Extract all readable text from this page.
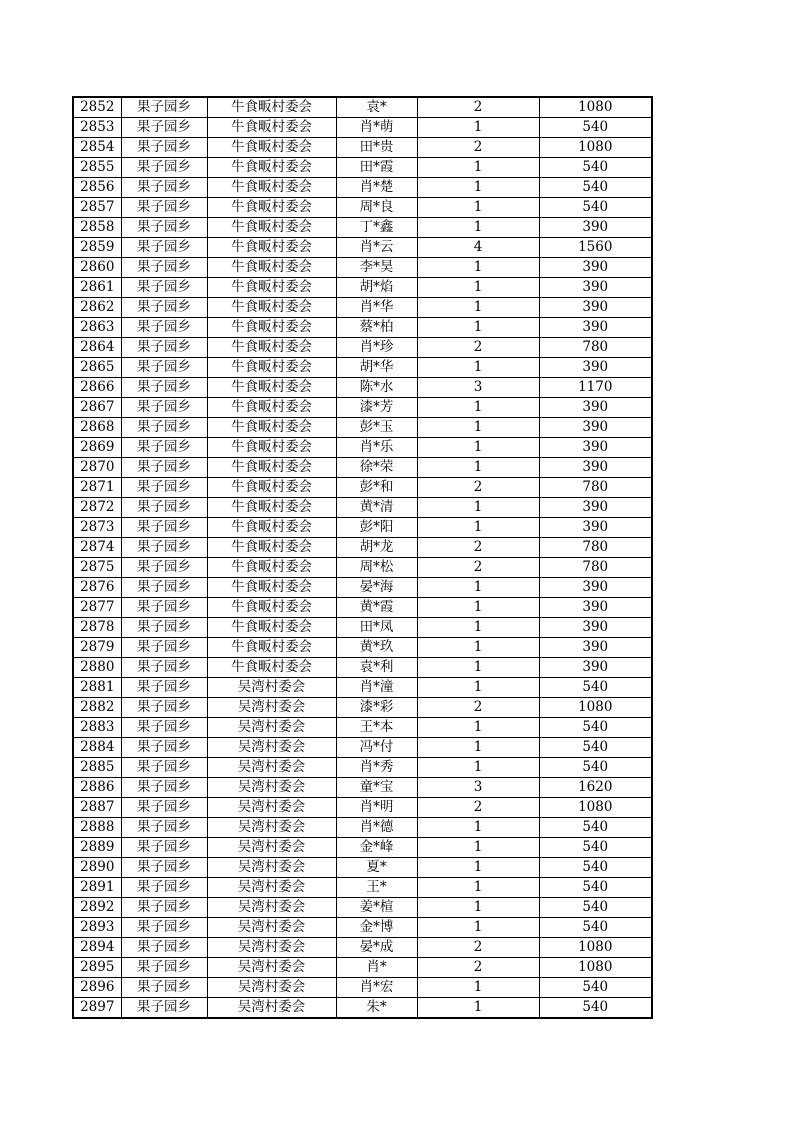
2852	果子园乡	牛食畈村委会	袁*	2	1080
2853	果子园乡	牛食畈村委会	肖*萌	1	540
2854	果子园乡	牛食畈村委会	田*贵	2	1080
2855	果子园乡	牛食畈村委会	田*霞	1	540
2856	果子园乡	牛食畈村委会	肖*楚	1	540
2857	果子园乡	牛食畈村委会	周*良	1	540
2858	果子园乡	牛食畈村委会	丁*鑫	1	390
2859	果子园乡	牛食畈村委会	肖*云	4	1560
2860	果子园乡	牛食畈村委会	李*昊	1	390
2861	果子园乡	牛食畈村委会	胡*焰	1	390
2862	果子园乡	牛食畈村委会	肖*华	1	390
2863	果子园乡	牛食畈村委会	蔡*柏	1	390
2864	果子园乡	牛食畈村委会	肖*珍	2	780
2865	果子园乡	牛食畈村委会	胡*华	1	390
2866	果子园乡	牛食畈村委会	陈*水	3	1170
2867	果子园乡	牛食畈村委会	漆*芳	1	390
2868	果子园乡	牛食畈村委会	彭*玉	1	390
2869	果子园乡	牛食畈村委会	肖*乐	1	390
2870	果子园乡	牛食畈村委会	徐*荣	1	390
2871	果子园乡	牛食畈村委会	彭*和	2	780
2872	果子园乡	牛食畈村委会	黄*清	1	390
2873	果子园乡	牛食畈村委会	彭*阳	1	390
2874	果子园乡	牛食畈村委会	胡*龙	2	780
2875	果子园乡	牛食畈村委会	周*松	2	780
2876	果子园乡	牛食畈村委会	晏*海	1	390
2877	果子园乡	牛食畈村委会	黄*霞	1	390
2878	果子园乡	牛食畈村委会	田*凤	1	390
2879	果子园乡	牛食畈村委会	黄*玖	1	390
2880	果子园乡	牛食畈村委会	袁*利	1	390
2881	果子园乡	吴湾村委会	肖*潼	1	540
2882	果子园乡	吴湾村委会	漆*彩	2	1080
2883	果子园乡	吴湾村委会	王*本	1	540
2884	果子园乡	吴湾村委会	冯*付	1	540
2885	果子园乡	吴湾村委会	肖*秀	1	540
2886	果子园乡	吴湾村委会	童*宝	3	1620
2887	果子园乡	吴湾村委会	肖*明	2	1080
2888	果子园乡	吴湾村委会	肖*德	1	540
2889	果子园乡	吴湾村委会	金*峰	1	540
2890	果子园乡	吴湾村委会	夏*	1	540
2891	果子园乡	吴湾村委会	王*	1	540
2892	果子园乡	吴湾村委会	姜*楦	1	540
2893	果子园乡	吴湾村委会	金*博	1	540
2894	果子园乡	吴湾村委会	晏*成	2	1080
2895	果子园乡	吴湾村委会	肖*	2	1080
2896	果子园乡	吴湾村委会	肖*宏	1	540
2897	果子园乡	吴湾村委会	朱*	1	540
